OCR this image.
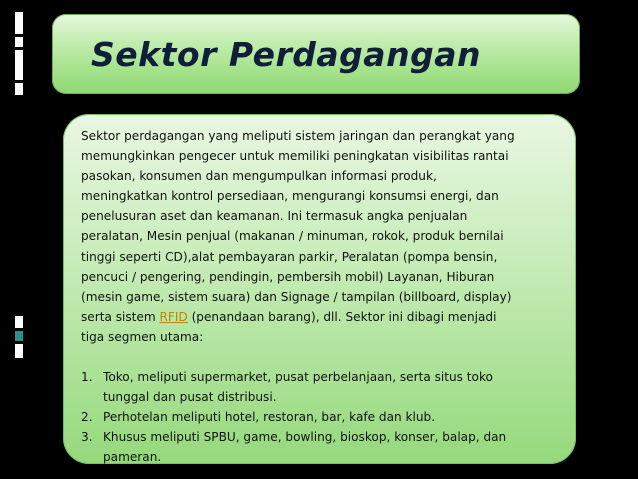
Sektor Perdagangan

Sektor perdagangan yang meliputi sistem jaringan dan perangkat yang
memungkinkan pengecer untuk memiliki peningkatan visibilitas rantai
pasokan, konsumen dan mengumpulkan informasi produk,
meningkatkan kontrol persediaan, mengurangi konsumsi energi, dan
penelusuran aset dan keamanan. Ini termasuk angka penjualan
peralatan, Mesin penjual (makanan / minuman, rokok, produk bernilai
tinggi seperti CD),alat pembayaran parkir, Peralatan (pompa bensin,
pencuci / pengering, pendingin, pembersih mobil) Layanan, Hiburan
(mesin game, sistem suara) dan Signage / tampilan (billboard, display)
serta sistem RFID (penandaan barang), dll. Sektor ini dibagi menjadi
tiga segmen utama:

1. Toko, meliputi supermarket, pusat perbelanjaan, serta situs toko
tunggal dan pusat distribusi.
2. Perhotelan meliputi hotel, restoran, bar, kafe dan klub.
3. Khusus meliputi SPBU, game, bowling, bioskop, konser, balap, dan
pameran.
